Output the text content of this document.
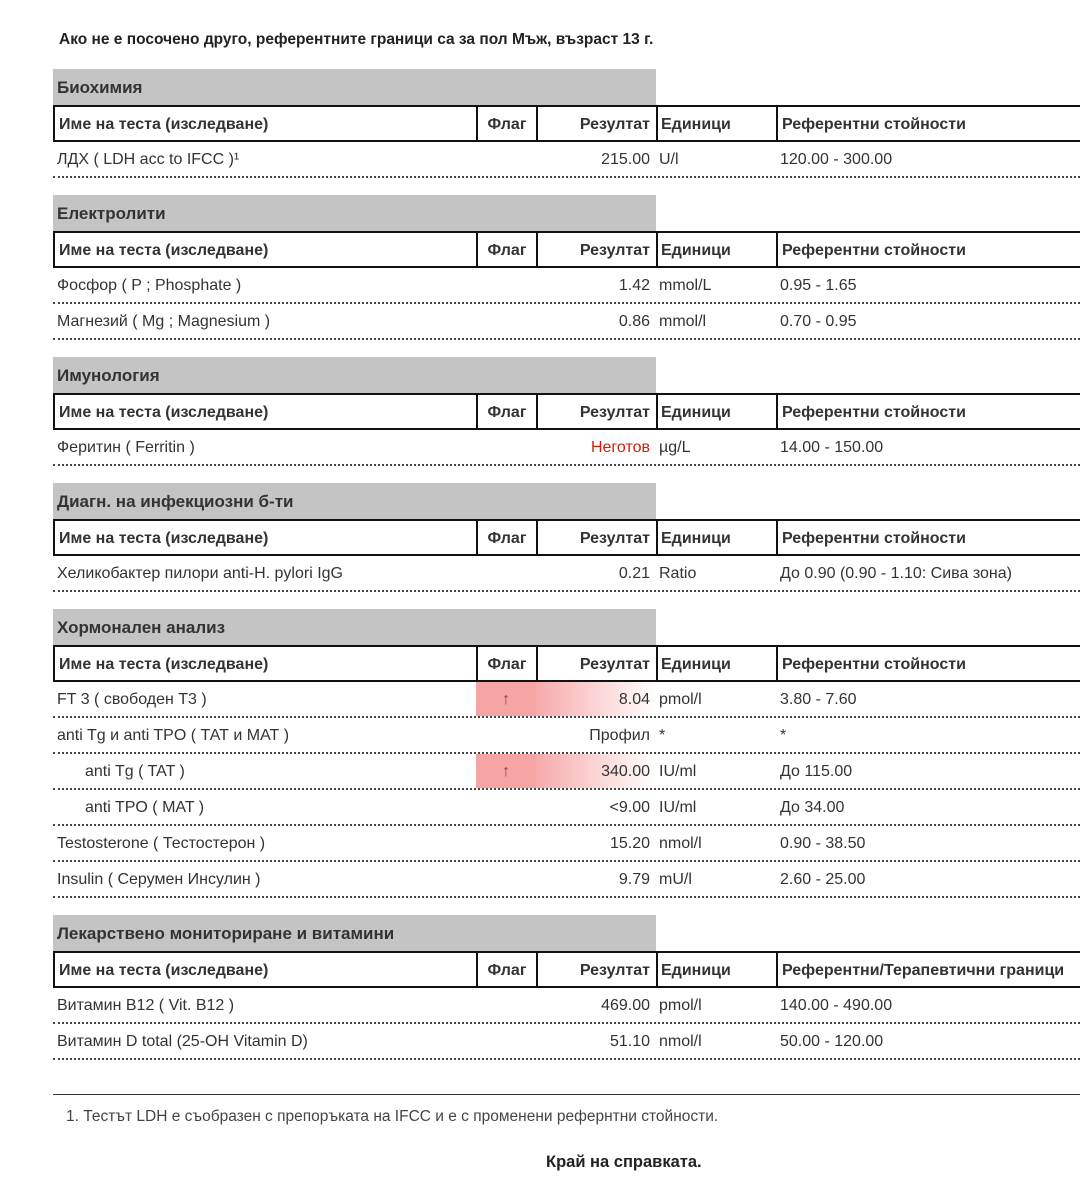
Ако не е посочено друго, референтните граници са за пол Мъж, възраст 13 г.
Биохимия
Име на теста (изследване)	Флаг	Резултат Единици	Референтни стойности
ЛДХ ( LDH acc to IFCC )¹	215.00 U/l	120.00 - 300.00
Електролити
Име на теста (изследване)	Флаг	Резултат Единици	Референтни стойности
Фосфор ( P ; Phosphate )	1.42 mmol/L	0.95 - 1.65
Магнезий ( Mg ; Magnesium )	0.86 mmol/l	0.70 - 0.95
Имунология
Име на теста (изследване)	Флаг	Резултат Единици	Референтни стойности
Феритин ( Ferritin )	Неготов µg/L	14.00 - 150.00
Диагн. на инфекциозни б-ти
Име на теста (изследване)	Флаг	Резултат Единици	Референтни стойности
Хеликобактер пилори anti-H. pylori IgG	0.21 Ratio	До 0.90 (0.90 - 1.10: Сива зона)
Хормонален анализ
Име на теста (изследване)	Флаг	Резултат Единици	Референтни стойности
FT 3 ( свободен Т3 )	↑	8.04 pmol/l	3.80 - 7.60
anti Tg и anti TPO ( ТАТ и МАТ )	Профил *	*
anti Tg ( TAT )	↑	340.00 IU/ml	До 115.00
anti TPO ( MAT )	<9.00 IU/ml	До 34.00
Testosterone ( Тестостерон )	15.20 nmol/l	0.90 - 38.50
Insulin ( Серумен Инсулин )	9.79 mU/l	2.60 - 25.00
Лекарствено мониториране и витамини
Име на теста (изследване)	Флаг	Резултат Единици	Референтни/Терапевтични граници
Витамин B12 ( Vit. B12 )	469.00 pmol/l	140.00 - 490.00
Витамин D total (25-OH Vitamin D)	51.10 nmol/l	50.00 - 120.00
1. Тестът LDH е съобразен с препоръката на IFCC и е с променени рефернтни стойности.
Край на справката.
